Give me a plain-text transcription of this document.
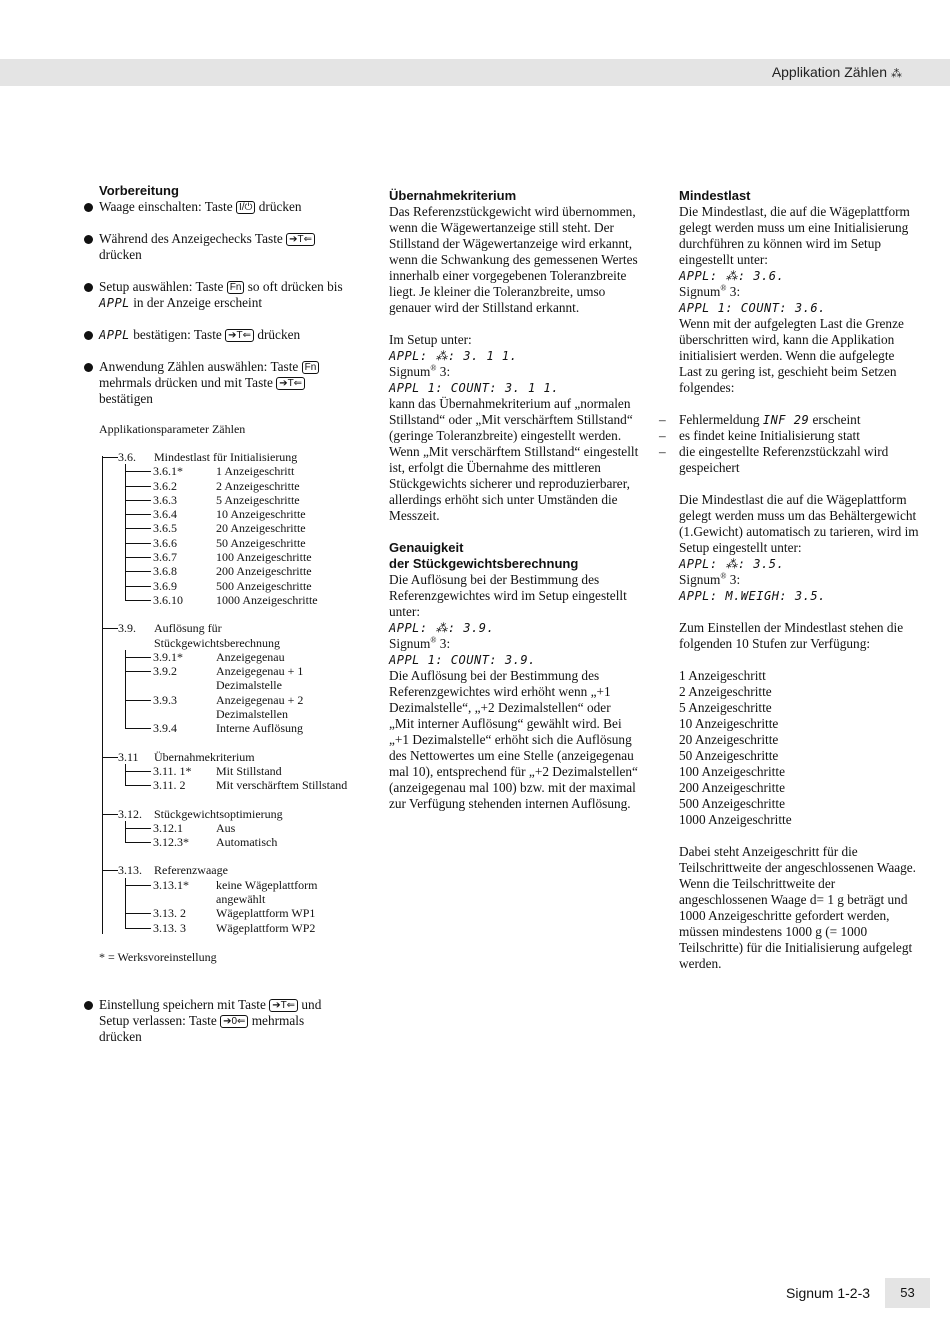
Applikation Zählen ⁂
Vorbereitung
Waage einschalten: Taste I/⏻ drücken
Während des Anzeigechecks Taste ➔T⇐ drücken
Setup auswählen: Taste Fn so oft drücken bis APPL in der Anzeige erscheint
APPL bestätigen: Taste ➔T⇐ drücken
Anwendung Zählen auswählen: Taste Fn mehrmals drücken und mit Taste ➔T⇐ bestätigen
Applikationsparameter Zählen
3.6.	Mindestlast für Initialisierung
3.6.1*	1 Anzeigeschritt
3.6.2	2 Anzeigeschritte
3.6.3	5 Anzeigeschritte
3.6.4	10 Anzeigeschritte
3.6.5	20 Anzeigeschritte
3.6.6	50 Anzeigeschritte
3.6.7	100 Anzeigeschritte
3.6.8	200 Anzeigeschritte
3.6.9	500 Anzeigeschritte
3.6.10	1000 Anzeigeschritte
3.9.	Auflösung für Stückgewichtsberechnung
3.9.1*	Anzeigegenau
3.9.2	Anzeigegenau + 1 Dezimalstelle
3.9.3	Anzeigegenau + 2 Dezimalstellen
3.9.4	Interne Auflösung
3.11	Übernahmekriterium
3.11. 1*	Mit Stillstand
3.11. 2	Mit verschärftem Stillstand
3.12.	Stückgewichtsoptimierung
3.12.1	Aus
3.12.3*	Automatisch
3.13.	Referenzwaage
3.13.1*	keine Wägeplattform angewählt
3.13. 2	Wägeplattform WP1
3.13. 3	Wägeplattform WP2
* = Werksvoreinstellung
Einstellung speichern mit Taste ➔T⇐ und Setup verlassen: Taste ➔0⇐ mehrmals drücken
Übernahmekriterium

Das Referenzstückgewicht wird übernommen, wenn die Wägewertanzeige still steht. Der Stillstand der Wägewertanzeige wird erkannt, wenn die Schwankung des gemessenen Wertes innerhalb einer vorgegebenen Toleranzbreite liegt. Je kleiner die Toleranzbreite, umso genauer wird der Stillstand erkannt.

Im Setup unter:

APPL: ⁂: 3. 1 1.

Signum® 3:

APPL 1: COUNT: 3. 1 1.

kann das Übernahmekriterium auf „normalen Stillstand“ oder „Mit verschärftem Stillstand“ (geringe Toleranzbreite) eingestellt werden. Wenn „Mit verschärftem Stillstand“ eingestellt ist, erfolgt die Übernahme des mittleren Stückgewichts sicherer und reproduzierbarer, allerdings erhöht sich unter Umständen die Messzeit.

Genauigkeit
der Stückgewichtsberechnung

Die Auflösung bei der Bestimmung des Referenzgewichtes wird im Setup eingestellt unter:

APPL: ⁂: 3.9.

Signum® 3:

APPL 1: COUNT: 3.9.

Die Auflösung bei der Bestimmung des Referenzgewichtes wird erhöht wenn „+1 Dezimalstelle“, „+2 Dezimalstellen“ oder „Mit interner Auflösung“ gewählt wird. Bei „+1 Dezimalstelle“ erhöht sich die Auflösung des Nettowertes um eine Stelle (anzeigegenau mal 10), entsprechend für „+2 Dezimalstellen“ (anzeigegenau mal 100) bzw. mit der maximal zur Verfügung stehenden internen Auflösung.

Mindestlast

Die Mindestlast, die auf die Wägeplattform gelegt werden muss um eine Initialisierung durchführen zu können wird im Setup eingestellt unter:

APPL: ⁂: 3.6.

Signum® 3:

APPL 1: COUNT: 3.6.

Wenn mit der aufgelegten Last die Grenze überschritten wird, kann die Applikation initialisiert werden. Wenn die aufgelegte Last zu gering ist, geschieht beim Setzen folgendes:

– Fehlermeldung INF 29 erscheint

– es findet keine Initialisierung statt

– die eingestellte Referenzstückzahl wird gespeichert

Die Mindestlast die auf die Wägeplattform gelegt werden muss um das Behältergewicht (1.Gewicht) automatisch zu tarieren, wird im Setup eingestellt unter:

APPL: ⁂: 3.5.

Signum® 3:

APPL: M.WEIGH: 3.5.

Zum Einstellen der Mindestlast stehen die folgenden 10 Stufen zur Verfügung:

1 Anzeigeschritt

2 Anzeigeschritte

5 Anzeigeschritte

10 Anzeigeschritte

20 Anzeigeschritte

50 Anzeigeschritte

100 Anzeigeschritte

200 Anzeigeschritte

500 Anzeigeschritte

1000 Anzeigeschritte

Dabei steht Anzeigeschritt für die Teilschrittweite der angeschlossenen Waage. Wenn die Teilschrittweite der angeschlossenen Waage d= 1 g beträgt und 1000 Anzeigeschritte gefordert werden, müssen mindestens 1000 g (= 1000 Teilschritte) für die Initialisierung aufgelegt werden.

Signum 1-2-3	53
